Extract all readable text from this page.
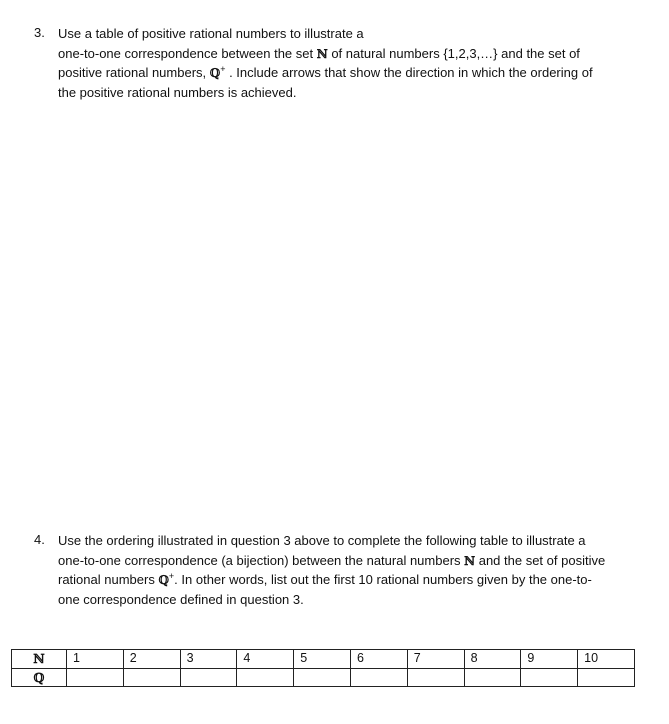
3.	Use a table of positive rational numbers to illustrate a
one-to-one correspondence between the set ℕ of natural numbers {1,2,3,…} and the set of
positive rational numbers, ℚ+ . Include arrows that show the direction in which the ordering of
the positive rational numbers is achieved.
4.	Use the ordering illustrated in question 3 above to complete the following table to illustrate a
one-to-one correspondence (a bijection) between the natural numbers ℕ and the set of positive
rational numbers ℚ+. In other words, list out the first 10 rational numbers given by the one-to-
one correspondence defined in question 3.
ℕ	1	2	3	4	5	6	7	8	9	10
ℚ										
